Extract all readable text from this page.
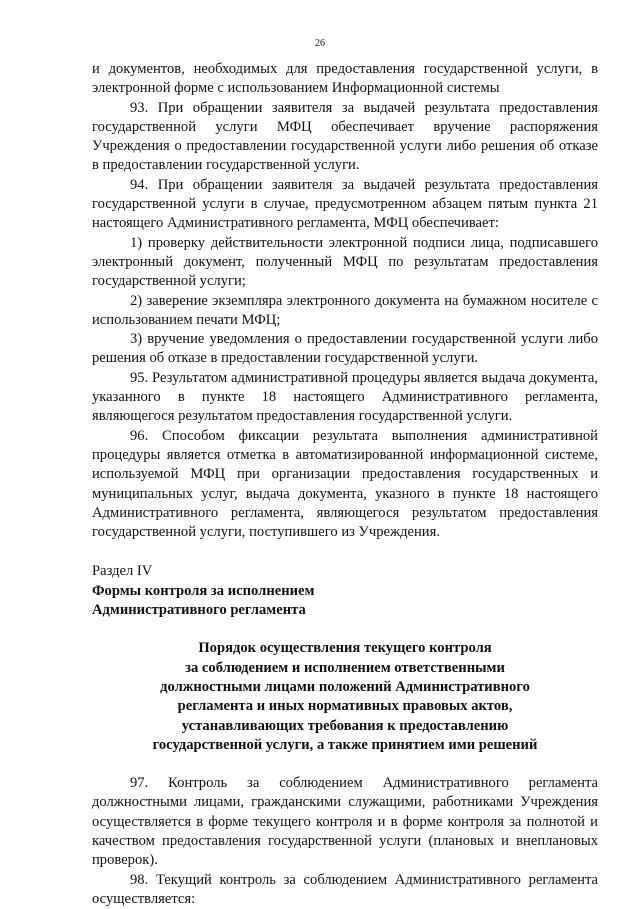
26

и документов, необходимых для предоставления государственной услуги, в электронной форме с использованием Информационной системы

93. При обращении заявителя за выдачей результата предоставления государственной услуги МФЦ обеспечивает вручение распоряжения Учреждения о предоставлении государственной услуги либо решения об отказе в предоставлении государственной услуги.

94. При обращении заявителя за выдачей результата предоставления государственной услуги в случае, предусмотренном абзацем пятым пункта 21 настоящего Административного регламента, МФЦ обеспечивает:

1) проверку действительности электронной подписи лица, подписавшего электронный документ, полученный МФЦ по результатам предоставления государственной услуги;

2) заверение экземпляра электронного документа на бумажном носителе с использованием печати МФЦ;

3) вручение уведомления о предоставлении государственной услуги либо решения об отказе в предоставлении государственной услуги.

95. Результатом административной процедуры является выдача документа, указанного в пункте 18 настоящего Административного регламента, являющегося результатом предоставления государственной услуги.

96. Способом фиксации результата выполнения административной процедуры является отметка в автоматизированной информационной системе, используемой МФЦ при организации предоставления государственных и муниципальных услуг, выдача документа, указного в пункте 18 настоящего Административного регламента, являющегося результатом предоставления государственной услуги, поступившего из Учреждения.

Раздел IV

Формы контроля за исполнением
Административного регламента

Порядок осуществления текущего контроля
за соблюдением и исполнением ответственными
должностными лицами положений Административного
регламента и иных нормативных правовых актов,
устанавливающих требования к предоставлению
государственной услуги, а также принятием ими решений

97. Контроль за соблюдением Административного регламента должностными лицами, гражданскими служащими, работниками Учреждения осуществляется в форме текущего контроля и в форме контроля за полнотой и качеством предоставления государственной услуги (плановых и внеплановых проверок).

98. Текущий контроль за соблюдением Административного регламента осуществляется:
